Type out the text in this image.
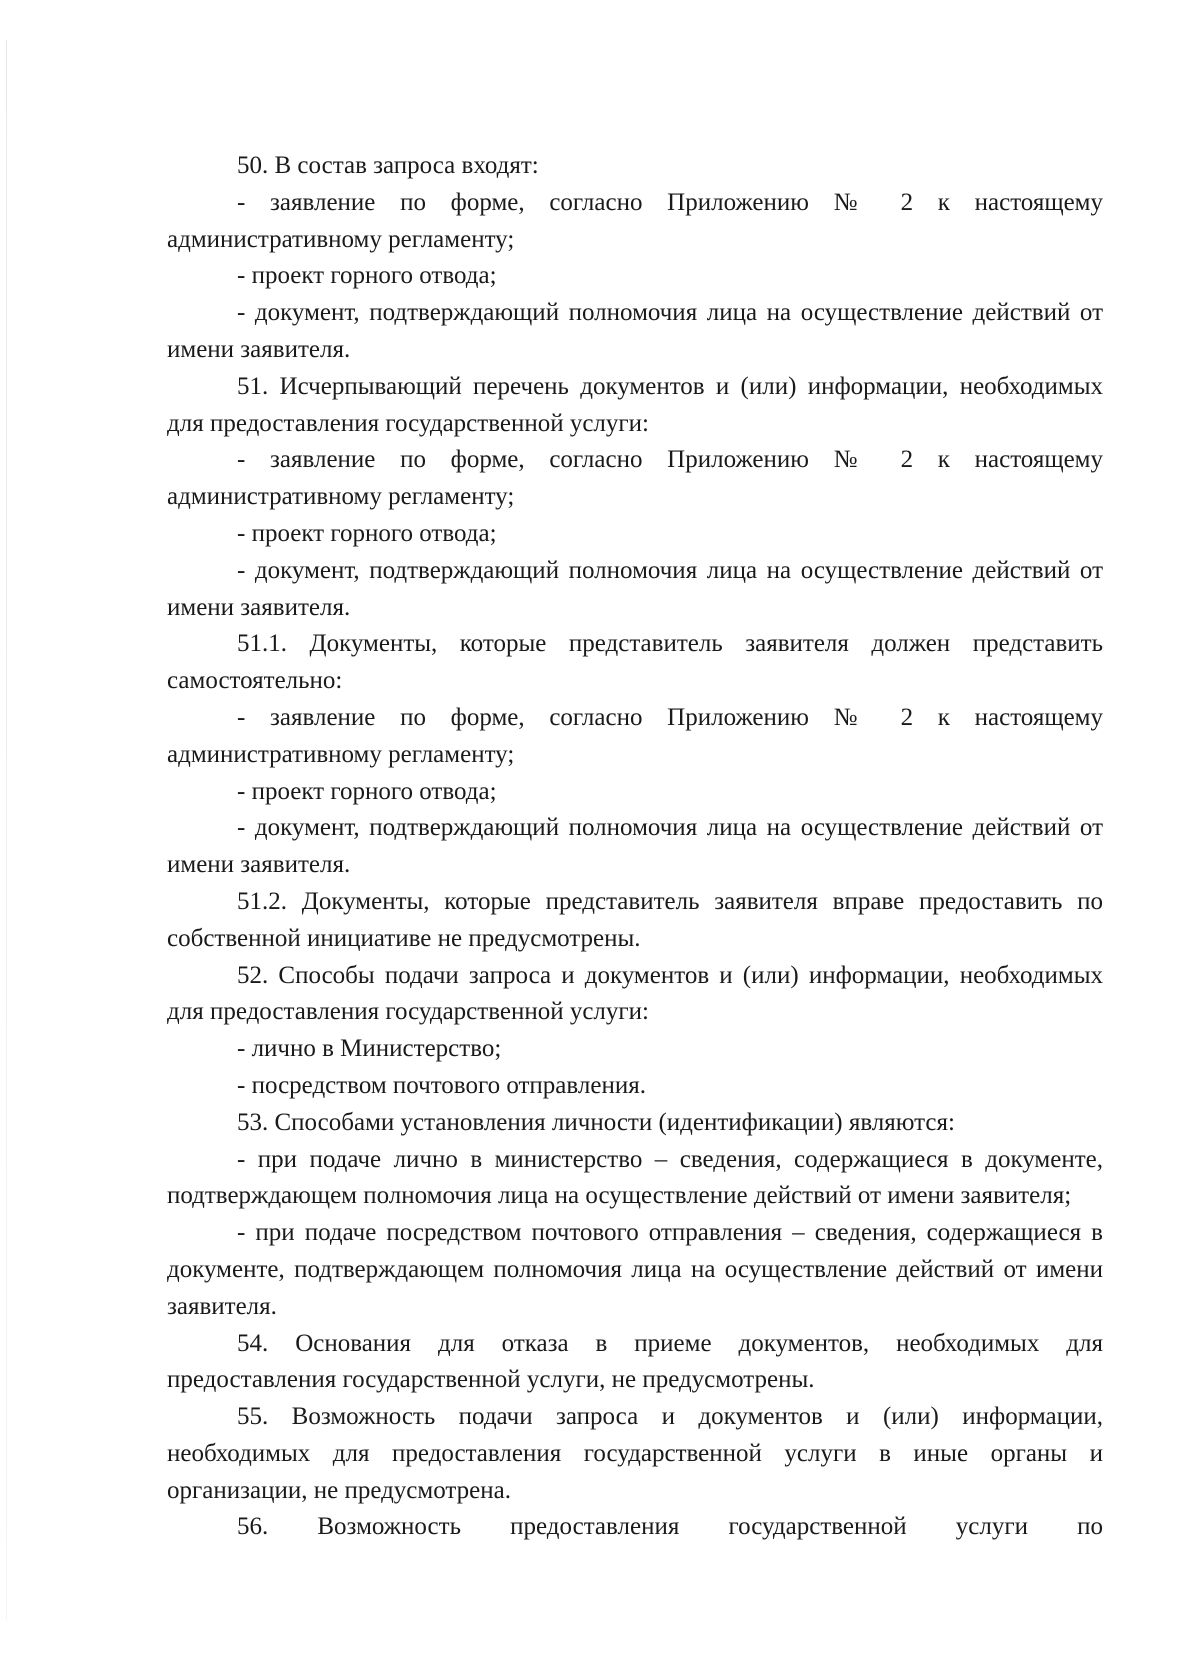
50. В состав запроса входят:

- заявление по форме, согласно Приложению № 2 к настоящему административному регламенту;

- проект горного отвода;

- документ, подтверждающий полномочия лица на осуществление действий от имени заявителя.

51. Исчерпывающий перечень документов и (или) информации, необходимых для предоставления государственной услуги:

- заявление по форме, согласно Приложению № 2 к настоящему административному регламенту;

- проект горного отвода;

- документ, подтверждающий полномочия лица на осуществление действий от имени заявителя.

51.1. Документы, которые представитель заявителя должен представить самостоятельно:

- заявление по форме, согласно Приложению № 2 к настоящему административному регламенту;

- проект горного отвода;

- документ, подтверждающий полномочия лица на осуществление действий от имени заявителя.

51.2. Документы, которые представитель заявителя вправе предоставить по собственной инициативе не предусмотрены.

52. Способы подачи запроса и документов и (или) информации, необходимых для предоставления государственной услуги:

- лично в Министерство;

- посредством почтового отправления.

53. Способами установления личности (идентификации) являются:

- при подаче лично в министерство – сведения, содержащиеся в документе, подтверждающем полномочия лица на осуществление действий от имени заявителя;

- при подаче посредством почтового отправления – сведения, содержащиеся в документе, подтверждающем полномочия лица на осуществление действий от имени заявителя.

54. Основания для отказа в приеме документов, необходимых для предоставления государственной услуги, не предусмотрены.

55. Возможность подачи запроса и документов и (или) информации, необходимых для предоставления государственной услуги в иные органы и организации, не предусмотрена.

56. Возможность предоставления государственной услуги по
